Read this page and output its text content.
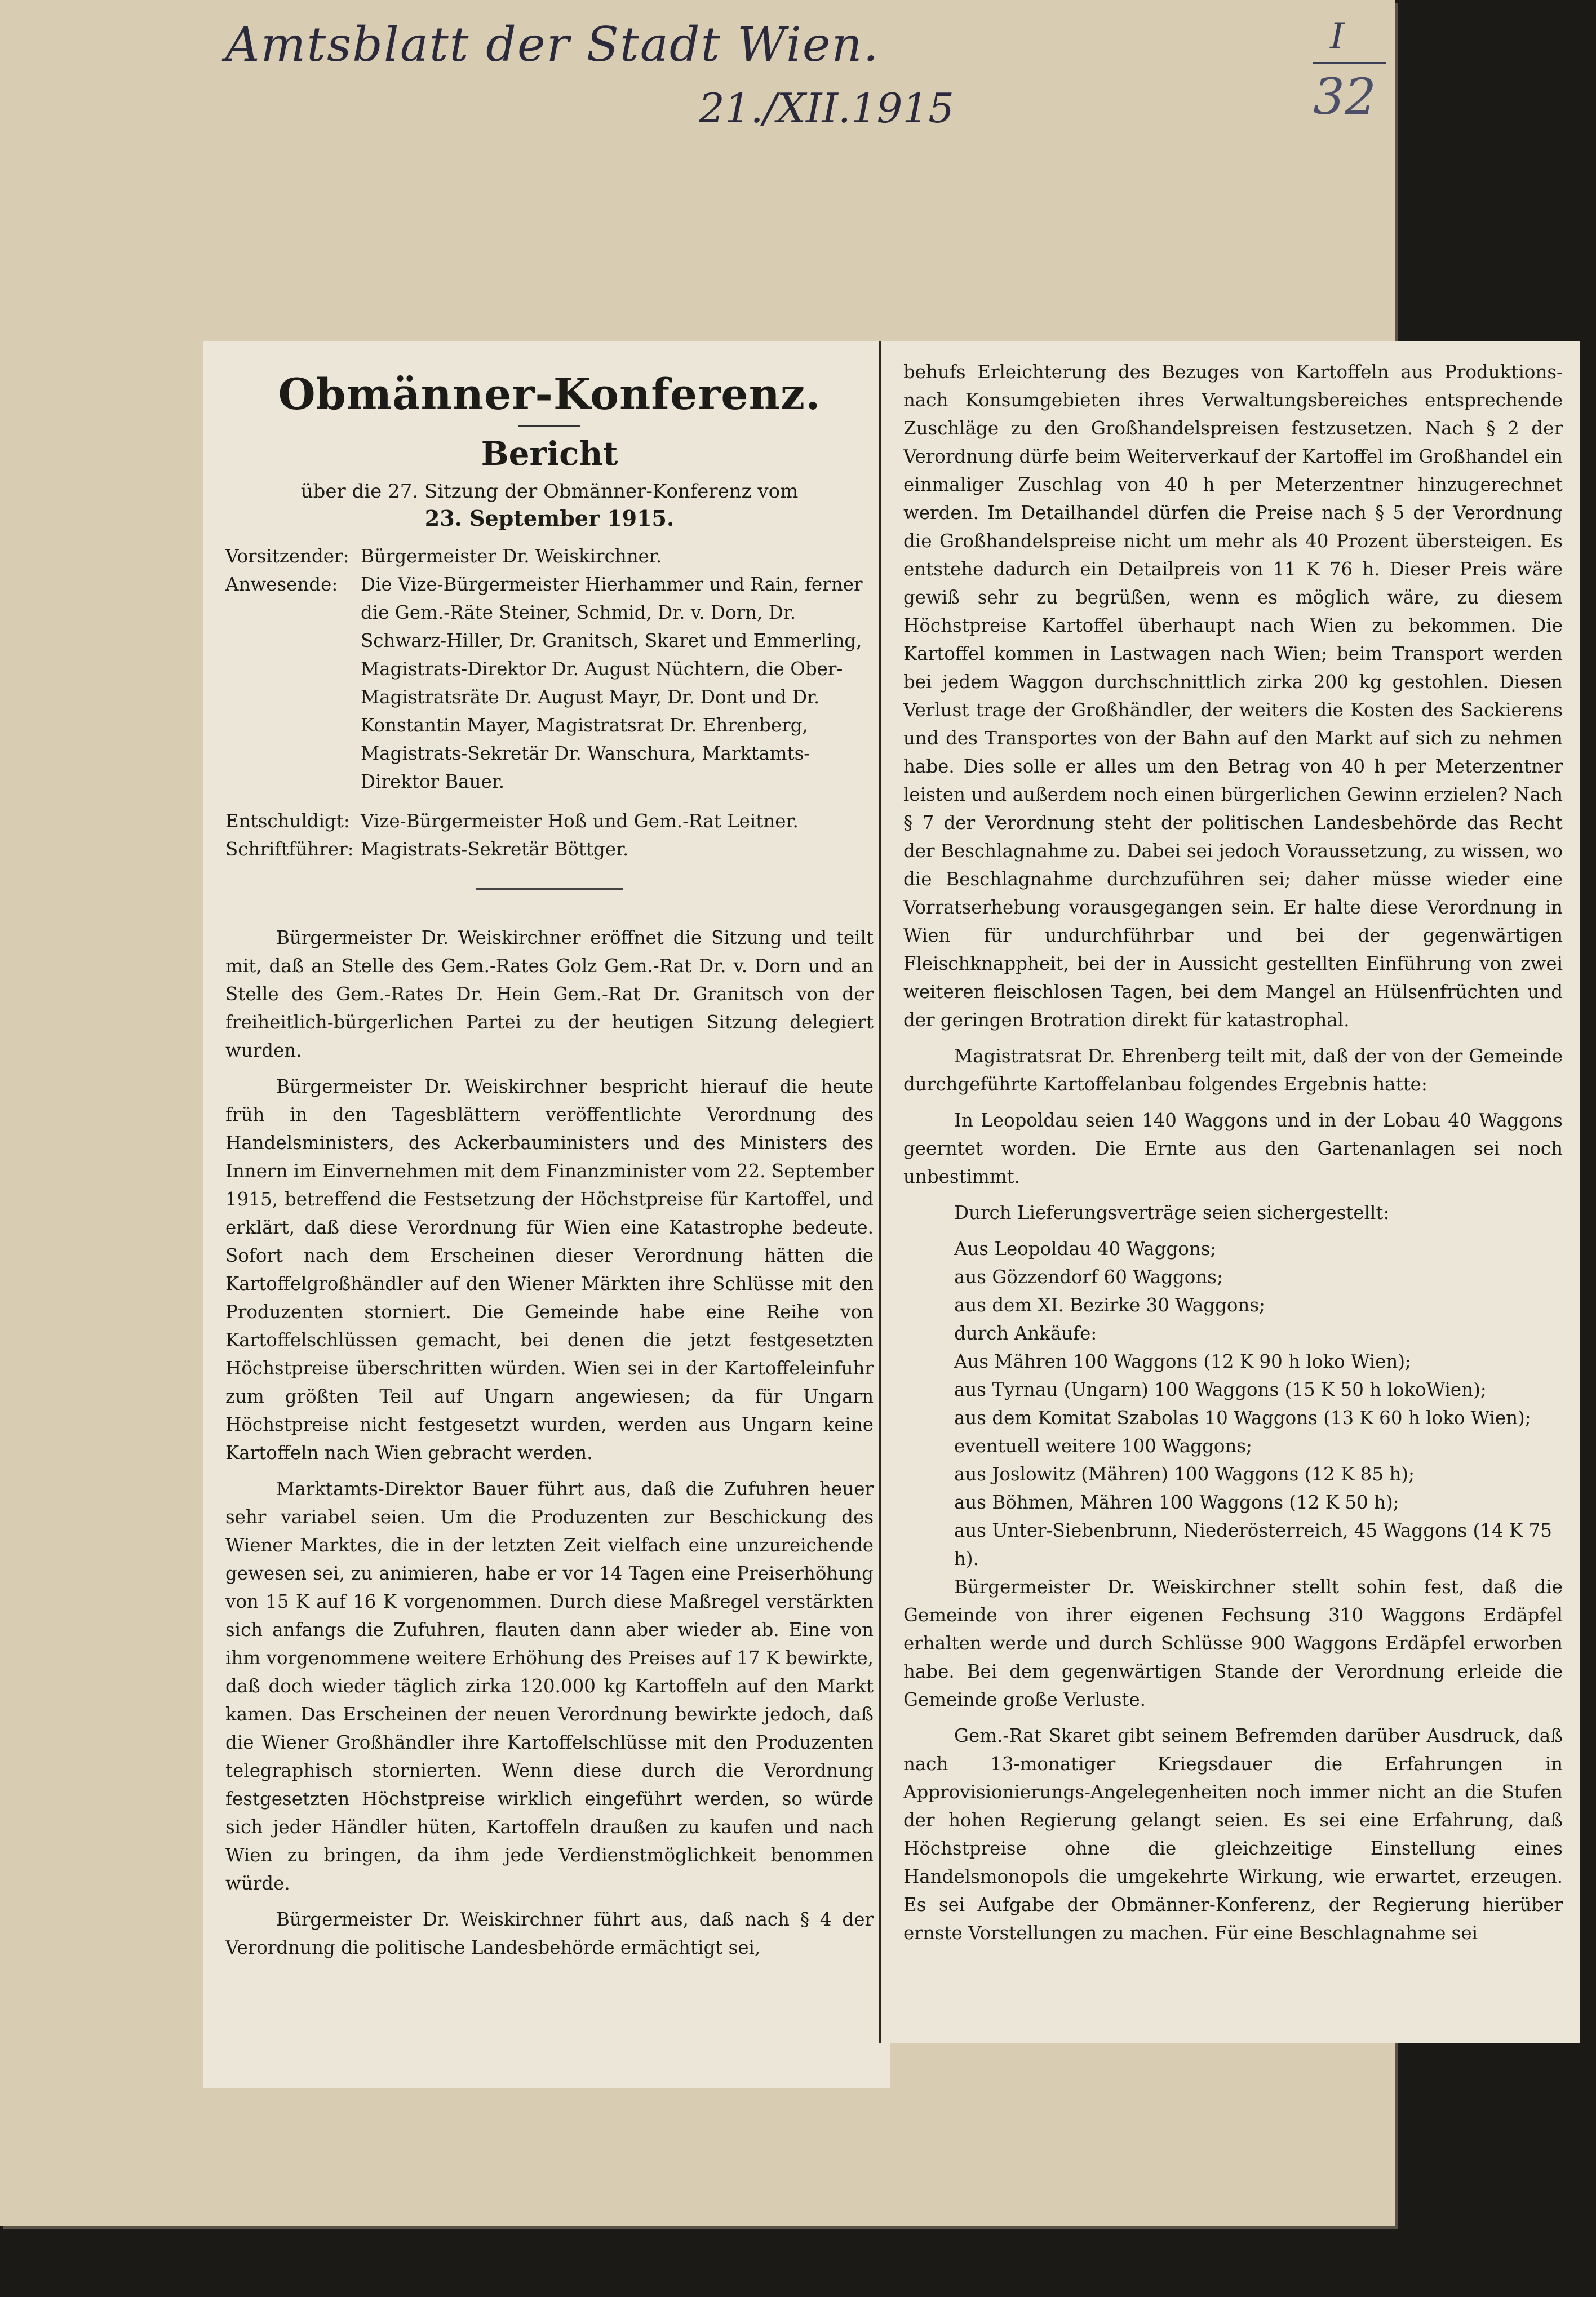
Amtsblatt der Stadt Wien.
21./XII.1915
I
32
Obmänner-Konferenz.
Bericht
über die 27. Sitzung der Obmänner-Konferenz vom
23. September 1915.
Vorsitzender: Bürgermeister Dr. Weiskirchner.
Anwesende:	Die Vize-Bürgermeister Hierhammer und Rain, ferner die Gem.-Räte Steiner, Schmid, Dr. v. Dorn, Dr. Schwarz-Hiller, Dr. Granitsch, Skaret und Emmerling, Magistrats-Direktor Dr. August Nüchtern, die Ober-Magistratsräte Dr. August Mayr, Dr. Dont und Dr. Konstantin Mayer, Magistratsrat Dr. Ehrenberg, Magistrats-Sekretär Dr. Wanschura, Marktamts-Direktor Bauer.
Entschuldigt: Vize-Bürgermeister Hoß und Gem.-Rat Leitner.
Schriftführer: Magistrats-Sekretär Böttger.

Bürgermeister Dr. Weiskirchner eröffnet die Sitzung und teilt mit, daß an Stelle des Gem.-Rates Golz Gem.-Rat Dr. v. Dorn und an Stelle des Gem.-Rates Dr. Hein Gem.-Rat Dr. Granitsch von der freiheitlich-bürgerlichen Partei zu der heutigen Sitzung delegiert wurden.

Bürgermeister Dr. Weiskirchner bespricht hierauf die heute früh in den Tagesblättern veröffentlichte Verordnung des Handelsministers, des Ackerbauministers und des Ministers des Innern im Einvernehmen mit dem Finanzminister vom 22. September 1915, betreffend die Festsetzung der Höchstpreise für Kartoffel, und erklärt, daß diese Verordnung für Wien eine Katastrophe bedeute. Sofort nach dem Erscheinen dieser Verordnung hätten die Kartoffelgroßhändler auf den Wiener Märkten ihre Schlüsse mit den Produzenten storniert. Die Gemeinde habe eine Reihe von Kartoffelschlüssen gemacht, bei denen die jetzt festgesetzten Höchstpreise überschritten würden. Wien sei in der Kartoffeleinfuhr zum größten Teil auf Ungarn angewiesen; da für Ungarn Höchstpreise nicht festgesetzt wurden, werden aus Ungarn keine Kartoffeln nach Wien gebracht werden.

Marktamts-Direktor Bauer führt aus, daß die Zufuhren heuer sehr variabel seien. Um die Produzenten zur Beschickung des Wiener Marktes, die in der letzten Zeit vielfach eine unzureichende gewesen sei, zu animieren, habe er vor 14 Tagen eine Preiserhöhung von 15 K auf 16 K vorgenommen. Durch diese Maßregel verstärkten sich anfangs die Zufuhren, flauten dann aber wieder ab. Eine von ihm vorgenommene weitere Erhöhung des Preises auf 17 K bewirkte, daß doch wieder täglich zirka 120.000 kg Kartoffeln auf den Markt kamen. Das Erscheinen der neuen Verordnung bewirkte jedoch, daß die Wiener Großhändler ihre Kartoffelschlüsse mit den Produzenten telegraphisch stornierten. Wenn diese durch die Verordnung festgesetzten Höchstpreise wirklich eingeführt werden, so würde sich jeder Händler hüten, Kartoffeln draußen zu kaufen und nach Wien zu bringen, da ihm jede Verdienstmöglichkeit benommen würde.

Bürgermeister Dr. Weiskirchner führt aus, daß nach § 4 der Verordnung die politische Landesbehörde ermächtigt sei,

behufs Erleichterung des Bezuges von Kartoffeln aus Produktions- nach Konsumgebieten ihres Verwaltungsbereiches entsprechende Zuschläge zu den Großhandelspreisen festzusetzen. Nach § 2 der Verordnung dürfe beim Weiterverkauf der Kartoffel im Großhandel ein einmaliger Zuschlag von 40 h per Meterzentner hinzugerechnet werden. Im Detailhandel dürfen die Preise nach § 5 der Verordnung die Großhandelspreise nicht um mehr als 40 Prozent übersteigen. Es entstehe dadurch ein Detailpreis von 11 K 76 h. Dieser Preis wäre gewiß sehr zu begrüßen, wenn es möglich wäre, zu diesem Höchstpreise Kartoffel überhaupt nach Wien zu bekommen. Die Kartoffel kommen in Lastwagen nach Wien; beim Transport werden bei jedem Waggon durchschnittlich zirka 200 kg gestohlen. Diesen Verlust trage der Großhändler, der weiters die Kosten des Sackierens und des Transportes von der Bahn auf den Markt auf sich zu nehmen habe. Dies solle er alles um den Betrag von 40 h per Meterzentner leisten und außerdem noch einen bürgerlichen Gewinn erzielen? Nach § 7 der Verordnung steht der politischen Landesbehörde das Recht der Beschlagnahme zu. Dabei sei jedoch Voraussetzung, zu wissen, wo die Beschlagnahme durchzuführen sei; daher müsse wieder eine Vorratserhebung vorausgegangen sein. Er halte diese Verordnung in Wien für undurchführbar und bei der gegenwärtigen Fleischknappheit, bei der in Aussicht gestellten Einführung von zwei weiteren fleischlosen Tagen, bei dem Mangel an Hülsenfrüchten und der geringen Brotration direkt für katastrophal.

Magistratsrat Dr. Ehrenberg teilt mit, daß der von der Gemeinde durchgeführte Kartoffelanbau folgendes Ergebnis hatte:

In Leopoldau seien 140 Waggons und in der Lobau 40 Waggons geerntet worden. Die Ernte aus den Gartenanlagen sei noch unbestimmt.

Durch Lieferungsverträge seien sichergestellt:

Aus Leopoldau 40 Waggons;

aus Gözzendorf 60 Waggons;

aus dem XI. Bezirke 30 Waggons;

durch Ankäufe:

Aus Mähren 100 Waggons (12 K 90 h loko Wien);

aus Tyrnau (Ungarn) 100 Waggons (15 K 50 h lokoWien);

aus dem Komitat Szabolas 10 Waggons (13 K 60 h loko Wien); eventuell weitere 100 Waggons;

aus Joslowitz (Mähren) 100 Waggons (12 K 85 h);

aus Böhmen, Mähren 100 Waggons (12 K 50 h);

aus Unter-Siebenbrunn, Niederösterreich, 45 Waggons (14 K 75 h).

Bürgermeister Dr. Weiskirchner stellt sohin fest, daß die Gemeinde von ihrer eigenen Fechsung 310 Waggons Erdäpfel erhalten werde und durch Schlüsse 900 Waggons Erdäpfel erworben habe. Bei dem gegenwärtigen Stande der Verordnung erleide die Gemeinde große Verluste.

Gem.-Rat Skaret gibt seinem Befremden darüber Ausdruck, daß nach 13-monatiger Kriegsdauer die Erfahrungen in Approvisionierungs-Angelegenheiten noch immer nicht an die Stufen der hohen Regierung gelangt seien. Es sei eine Erfahrung, daß Höchstpreise ohne die gleichzeitige Einstellung eines Handelsmonopols die umgekehrte Wirkung, wie erwartet, erzeugen. Es sei Aufgabe der Obmänner-Konferenz, der Regierung hierüber ernste Vorstellungen zu machen. Für eine Beschlagnahme sei
